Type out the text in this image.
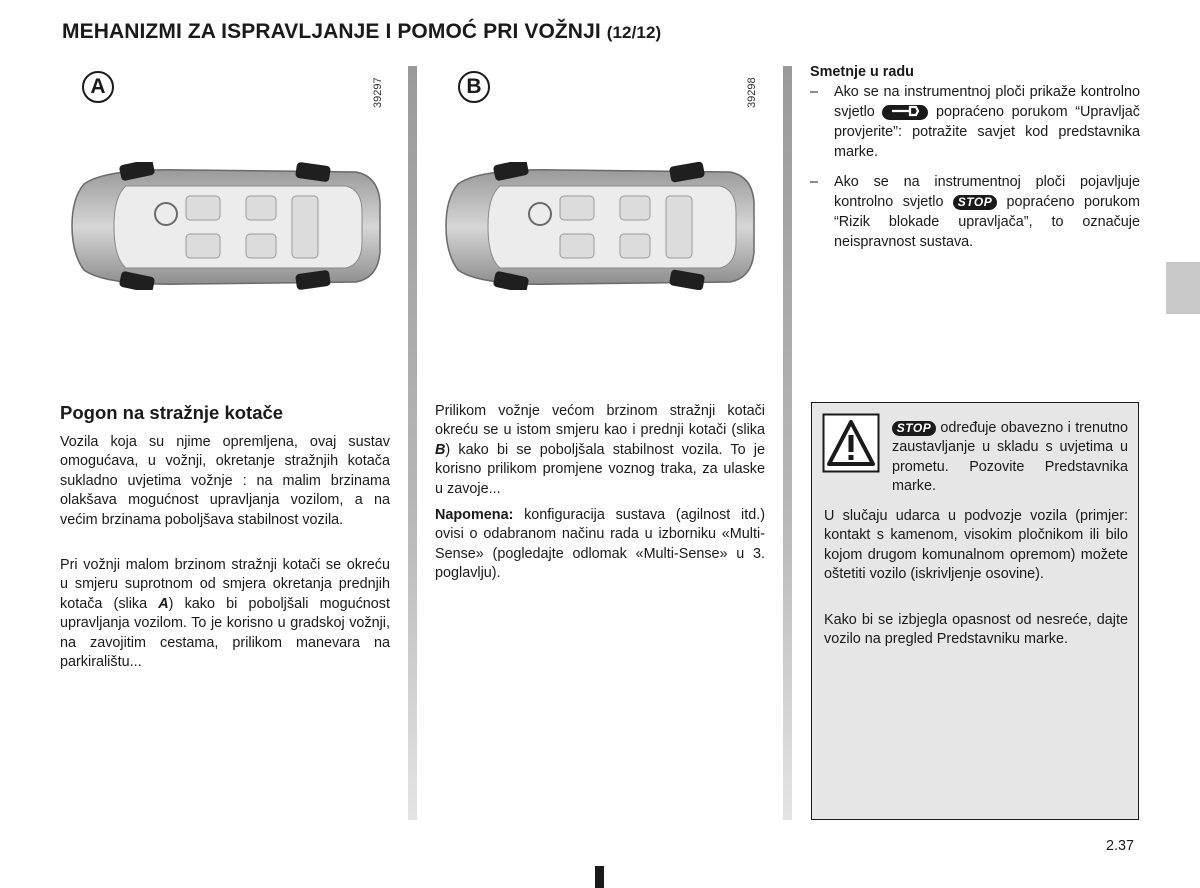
MEHANIZMI ZA ISPRAVLJANJE I POMOĆ PRI VOŽNJI (12/12)
A	39297	B	39298
Pogon na stražnje kotače
Vozila koja su njime opremljena, ovaj sustav omogućava, u vožnji, okretanje stražnjih kotača sukladno uvjetima vožnje : na malim brzinama olakšava mogućnost upravljanja vozilom, a na većim brzinama poboljšava stabilnost vozila.
Pri vožnji malom brzinom stražnji kotači se okreću u smjeru suprotnom od smjera okretanja prednjih kotača (slika A) kako bi poboljšali mogućnost upravljanja vozilom. To je korisno u gradskoj vožnji, na zavojitim cestama, prilikom manevara na parkiralištu...
Prilikom vožnje većom brzinom stražnji kotači okreću se u istom smjeru kao i prednji kotači (slika B) kako bi se poboljšala stabilnost vozila. To je korisno prilikom promjene voznog traka, za ulaske u zavoje...
Napomena: konfiguracija sustava (agilnost itd.) ovisi o odabranom načinu rada u izborniku «Multi-Sense» (pogledajte odlomak «Multi-Sense» u 3. poglavlju).
Smetnje u radu
– Ako se na instrumentnoj ploči prikaže kontrolno svjetlo	popraćeno porukom “Upravljač provjerite”: potražite savjet kod predstavnika marke.
– Ako se na instrumentnoj ploči pojavljuje kontrolno svjetlo STOP popraćeno porukom “Rizik blokade upravljača”, to označuje neispravnost sustava.
STOP određuje obavezno i trenutno zaustavljanje u skladu s uvjetima u prometu. Pozovite Predstavnika marke.
U slučaju udarca u podvozje vozila (primjer: kontakt s kamenom, visokim pločnikom ili bilo kojom drugom komunalnom opremom) možete oštetiti vozilo (iskrivljenje osovine).
Kako bi se izbjegla opasnost od nesreće, dajte vozilo na pregled Predstavniku marke.
2.37
